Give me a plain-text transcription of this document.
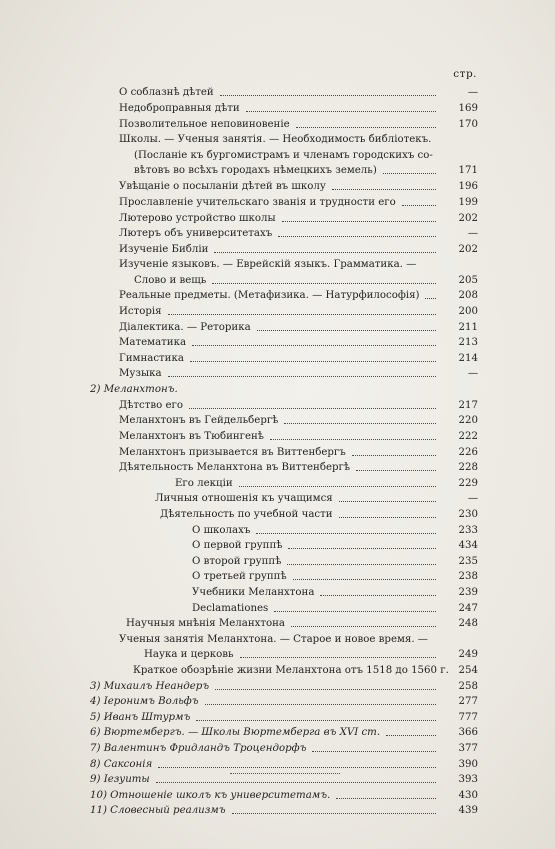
стр.
О соблазнѣ дѣтей	—
Недоброправныя дѣти	169
Позволительное неповиновеніе	170
Школы. — Ученыя занятія. — Необходимость библіотекъ.
(Посланіе къ бургомистрамъ и членамъ городскихъ со-
вѣтовъ во всѣхъ городахъ нѣмецкихъ земель)	171
Увѣщаніе о посыланіи дѣтей въ школу	196
Прославленіе учительскаго званія и трудности его	199
Лютерово устройство школы	202
Лютеръ объ университетахъ	—
Изученіе Библіи	202
Изученіе языковъ. — Еврейскій языкъ. Грамматика. —
Слово и вещь	205
Реальные предметы. (Метафизика. — Натурфилософія)	208
Исторія	200
Діалектика. — Реторика	211
Математика	213
Гимнастика	214
Музыка	—
2) Меланхтонъ.
Дѣтство его	217
Меланхтонъ въ Гейдельбергѣ	220
Меланхтонъ въ Тюбингенѣ	222
Меланхтонъ призывается въ Виттенбергъ	226
Дѣятельность Меланхтона въ Виттенбергѣ	228
Его лекціи	229
Личныя отношенія къ учащимся	—
Дѣятельность по учебной части	230
О школахъ	233
О первой группѣ	434
О второй группѣ	235
О третьей группѣ	238
Учебники Меланхтона	239
Declamationes	247
Научныя мнѣнія Меланхтона	248
Ученыя занятія Меланхтона. — Старое и новое время. —
Наука и церковь	249
Краткое обозрѣніе жизни Меланхтона отъ 1518 до 1560 г. 254
3) Михаилъ Неандеръ	258
4) Іеронимъ Вольфъ	277
5) Иванъ Штурмъ	777
6) Вюртембергъ. — Школы Вюртемберга въ XVI ст.	366
7) Валентинъ Фридландъ Троцендорфъ	377
8) Саксонія	390
9) Іезуиты	393
10) Отношеніе школъ къ университетамъ.	430
11) Словесный реализмъ	439
